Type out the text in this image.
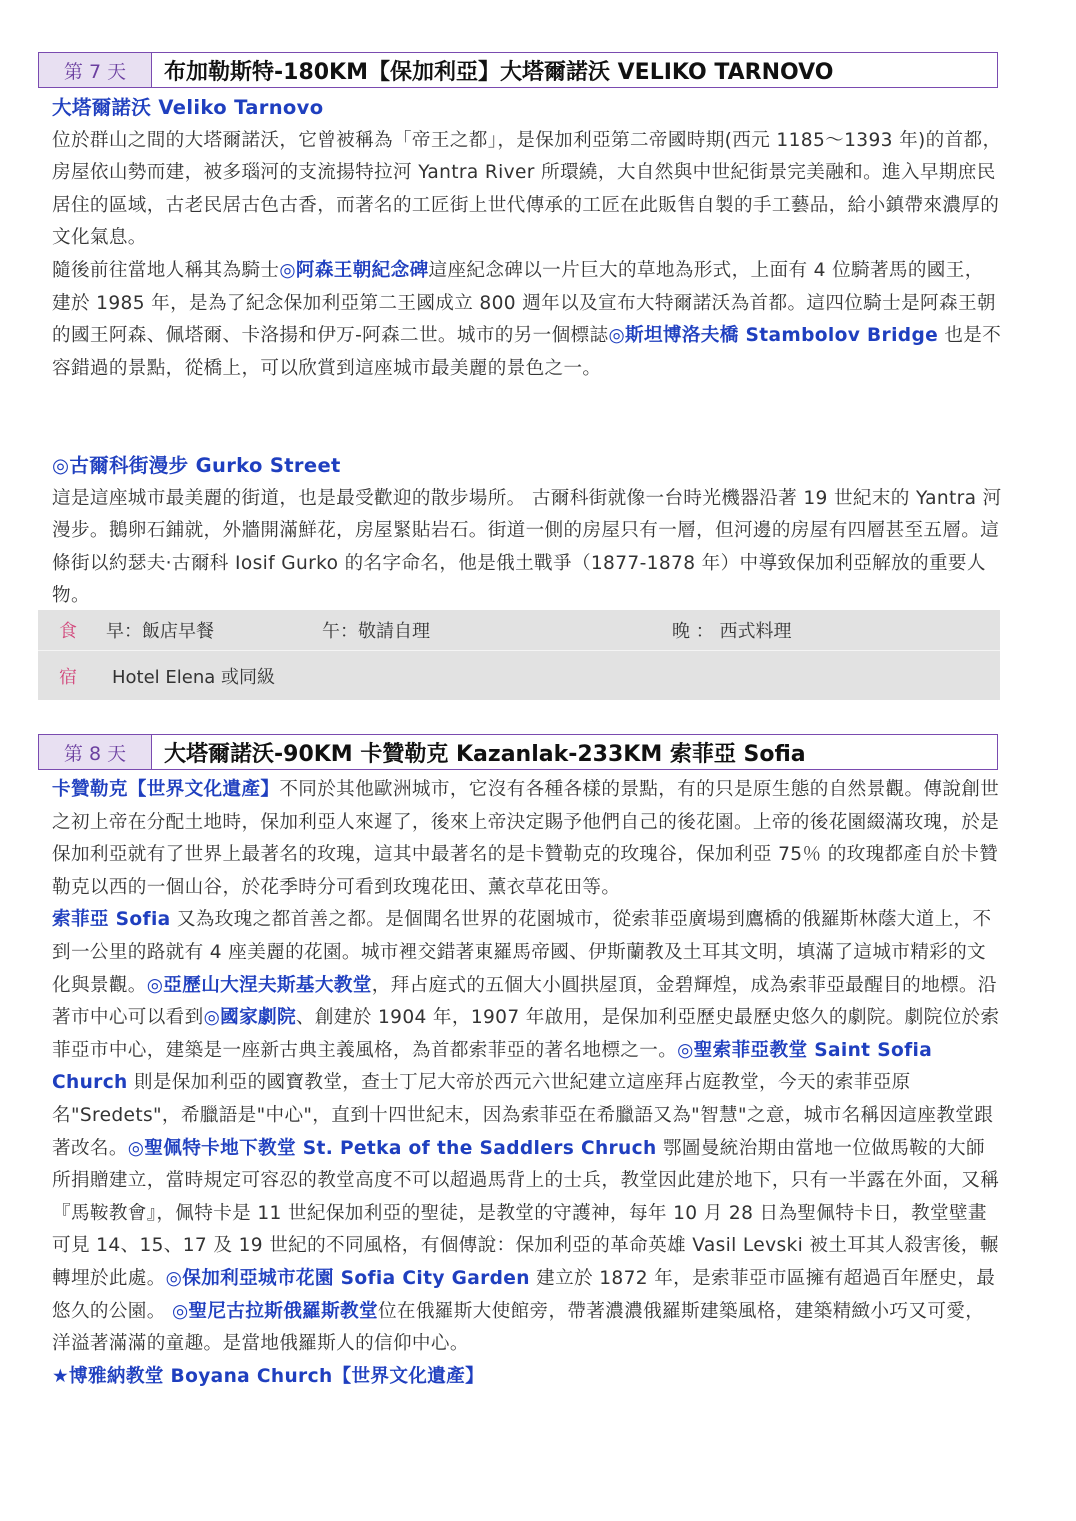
第 7 天	布加勒斯特-180KM【保加利亞】大塔爾諾沃 VELIKO TARNOVO
大塔爾諾沃 Veliko Tarnovo

位於群山之間的大塔爾諾沃，它曾被稱為「帝王之都」，是保加利亞第二帝國時期(西元 1185～1393 年)的首都，房屋依山勢而建，被多瑙河的支流揚特拉河 Yantra River 所環繞，大自然與中世紀街景完美融和。進入早期庶民居住的區域，古老民居古色古香，而著名的工匠街上世代傳承的工匠在此販售自製的手工藝品，給小鎮帶來濃厚的文化氣息。

隨後前往當地人稱其為騎士◎阿森王朝紀念碑這座紀念碑以一片巨大的草地為形式，上面有 4 位騎著馬的國王，建於 1985 年，是為了紀念保加利亞第二王國成立 800 週年以及宣布大特爾諾沃為首都。這四位騎士是阿森王朝的國王阿森、佩塔爾、卡洛揚和伊万-阿森二世。城市的另一個標誌◎斯坦博洛夫橋 Stambolov Bridge 也是不容錯過的景點，從橋上，可以欣賞到這座城市最美麗的景色之一。

◎古爾科街漫步 Gurko Street

這是這座城市最美麗的街道，也是最受歡迎的散步場所。 古爾科街就像一台時光機器沿著 19 世紀末的 Yantra 河漫步。鵝卵石鋪就，外牆開滿鮮花，房屋緊貼岩石。街道一側的房屋只有一層，但河邊的房屋有四層甚至五層。這條街以約瑟夫·古爾科 Iosif Gurko 的名字命名，他是俄土戰爭（1877-1878 年）中導致保加利亞解放的重要人物。

食	早：飯店早餐	午：敬請自理	晚 ： 西式料理
宿	Hotel Elena 或同級
第 8 天	大塔爾諾沃-90KM 卡贊勒克 Kazanlak-233KM 索菲亞 Sofia

卡贊勒克【世界文化遺產】不同於其他歐洲城市，它沒有各種各樣的景點，有的只是原生態的自然景觀。傳說創世之初上帝在分配土地時，保加利亞人來遲了，後來上帝決定賜予他們自己的後花園。上帝的後花園綴滿玫瑰，於是保加利亞就有了世界上最著名的玫瑰，這其中最著名的是卡贊勒克的玫瑰谷，保加利亞 75％ 的玫瑰都產自於卡贊勒克以西的一個山谷，於花季時分可看到玫瑰花田、薰衣草花田等。

索菲亞 Sofia 又為玫瑰之都首善之都。是個聞名世界的花園城市，從索菲亞廣場到鷹橋的俄羅斯林蔭大道上，不到一公里的路就有 4 座美麗的花園。城市裡交錯著東羅馬帝國、伊斯蘭教及土耳其文明，填滿了這城市精彩的文化與景觀。◎亞歷山大涅夫斯基大教堂，拜占庭式的五個大小圓拱屋頂，金碧輝煌，成為索菲亞最醒目的地標。沿著市中心可以看到◎國家劇院、創建於 1904 年，1907 年啟用，是保加利亞歷史最歷史悠久的劇院。劇院位於索菲亞市中心，建築是一座新古典主義風格，為首都索菲亞的著名地標之一。◎聖索菲亞教堂 Saint Sofia Church 則是保加利亞的國寶教堂，查士丁尼大帝於西元六世紀建立這座拜占庭教堂，今天的索菲亞原名"Sredets"，希臘語是"中心"，直到十四世紀末，因為索菲亞在希臘語又為"智慧"之意，城市名稱因這座教堂跟著改名。◎聖佩特卡地下教堂 St. Petka of the Saddlers Chruch 鄂圖曼統治期由當地一位做馬鞍的大師所捐贈建立，當時規定可容忍的教堂高度不可以超過馬背上的士兵，教堂因此建於地下，只有一半露在外面，又稱『馬鞍教會』，佩特卡是 11 世紀保加利亞的聖徒，是教堂的守護神，每年 10 月 28 日為聖佩特卡日，教堂壁畫可見 14、15、17 及 19 世紀的不同風格，有個傳說：保加利亞的革命英雄 Vasil Levski 被土耳其人殺害後，輾轉埋於此處。◎保加利亞城市花園 Sofia City Garden 建立於 1872 年，是索菲亞市區擁有超過百年歷史，最悠久的公園。 ◎聖尼古拉斯俄羅斯教堂位在俄羅斯大使館旁，帶著濃濃俄羅斯建築風格，建築精緻小巧又可愛，洋溢著滿滿的童趣。是當地俄羅斯人的信仰中心。

★博雅納教堂 Boyana Church【世界文化遺產】
